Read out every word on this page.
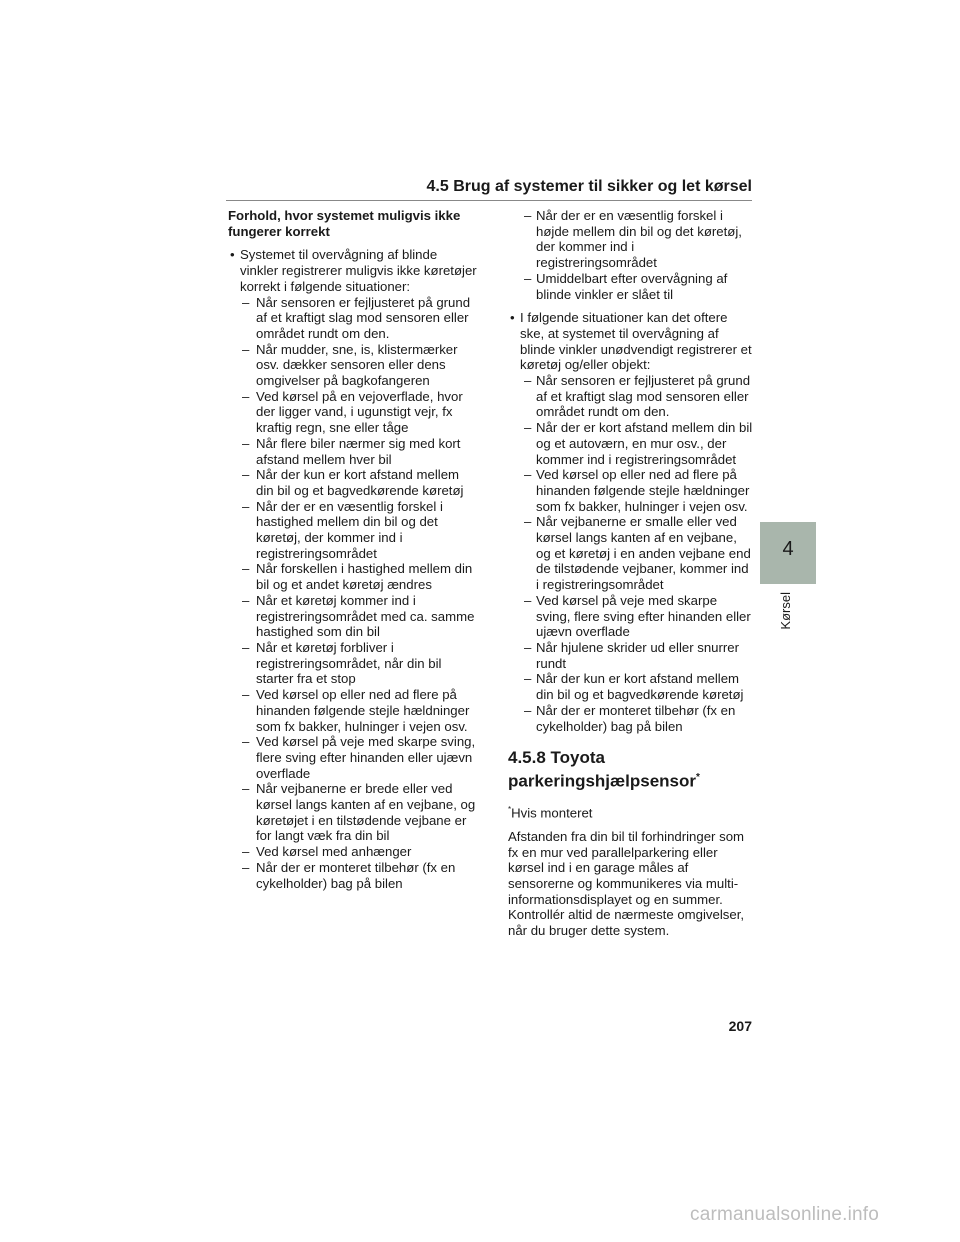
4.5 Brug af systemer til sikker og let kørsel
Forhold, hvor systemet muligvis ikke fungerer korrekt
• Systemet til overvågning af blinde vinkler registrerer muligvis ikke køretøjer korrekt i følgende situationer:
– Når sensoren er fejljusteret på grund af et kraftigt slag mod sensoren eller området rundt om den.
– Når mudder, sne, is, klistermærker osv. dækker sensoren eller dens omgivelser på bagkofangeren
– Ved kørsel på en vejoverflade, hvor der ligger vand, i ugunstigt vejr, fx kraftig regn, sne eller tåge
– Når flere biler nærmer sig med kort afstand mellem hver bil
– Når der kun er kort afstand mellem din bil og et bagvedkørende køretøj
– Når der er en væsentlig forskel i hastighed mellem din bil og det køretøj, der kommer ind i registreringsområdet
– Når forskellen i hastighed mellem din bil og et andet køretøj ændres
– Når et køretøj kommer ind i registreringsområdet med ca. samme hastighed som din bil
– Når et køretøj forbliver i registreringsområdet, når din bil starter fra et stop
– Ved kørsel op eller ned ad flere på hinanden følgende stejle hældninger som fx bakker, hulninger i vejen osv.
– Ved kørsel på veje med skarpe sving, flere sving efter hinanden eller ujævn overflade
– Når vejbanerne er brede eller ved kørsel langs kanten af en vejbane, og køretøjet i en tilstødende vejbane er for langt væk fra din bil
– Ved kørsel med anhænger
– Når der er monteret tilbehør (fx en cykelholder) bag på bilen
– Når der er en væsentlig forskel i højde mellem din bil og det køretøj, der kommer ind i registreringsområdet
– Umiddelbart efter overvågning af blinde vinkler er slået til
• I følgende situationer kan det oftere ske, at systemet til overvågning af blinde vinkler unødvendigt registrerer et køretøj og/eller objekt:
– Når sensoren er fejljusteret på grund af et kraftigt slag mod sensoren eller området rundt om den.
– Når der er kort afstand mellem din bil og et autoværn, en mur osv., der kommer ind i registreringsområdet
– Ved kørsel op eller ned ad flere på hinanden følgende stejle hældninger som fx bakker, hulninger i vejen osv.
– Når vejbanerne er smalle eller ved kørsel langs kanten af en vejbane, og et køretøj i en anden vejbane end de tilstødende vejbaner, kommer ind i registreringsområdet
– Ved kørsel på veje med skarpe sving, flere sving efter hinanden eller ujævn overflade
– Når hjulene skrider ud eller snurrer rundt
– Når der kun er kort afstand mellem din bil og et bagvedkørende køretøj
– Når der er monteret tilbehør (fx en cykelholder) bag på bilen
4.5.8 Toyota parkeringshjælpsensor*
*Hvis monteret
Afstanden fra din bil til forhindringer som fx en mur ved parallelparkering eller kørsel ind i en garage måles af sensorerne og kommunikeres via multi-informationsdisplayet og en summer. Kontrollér altid de nærmeste omgivelser, når du bruger dette system.
4
Kørsel
207
carmanualsonline.info
